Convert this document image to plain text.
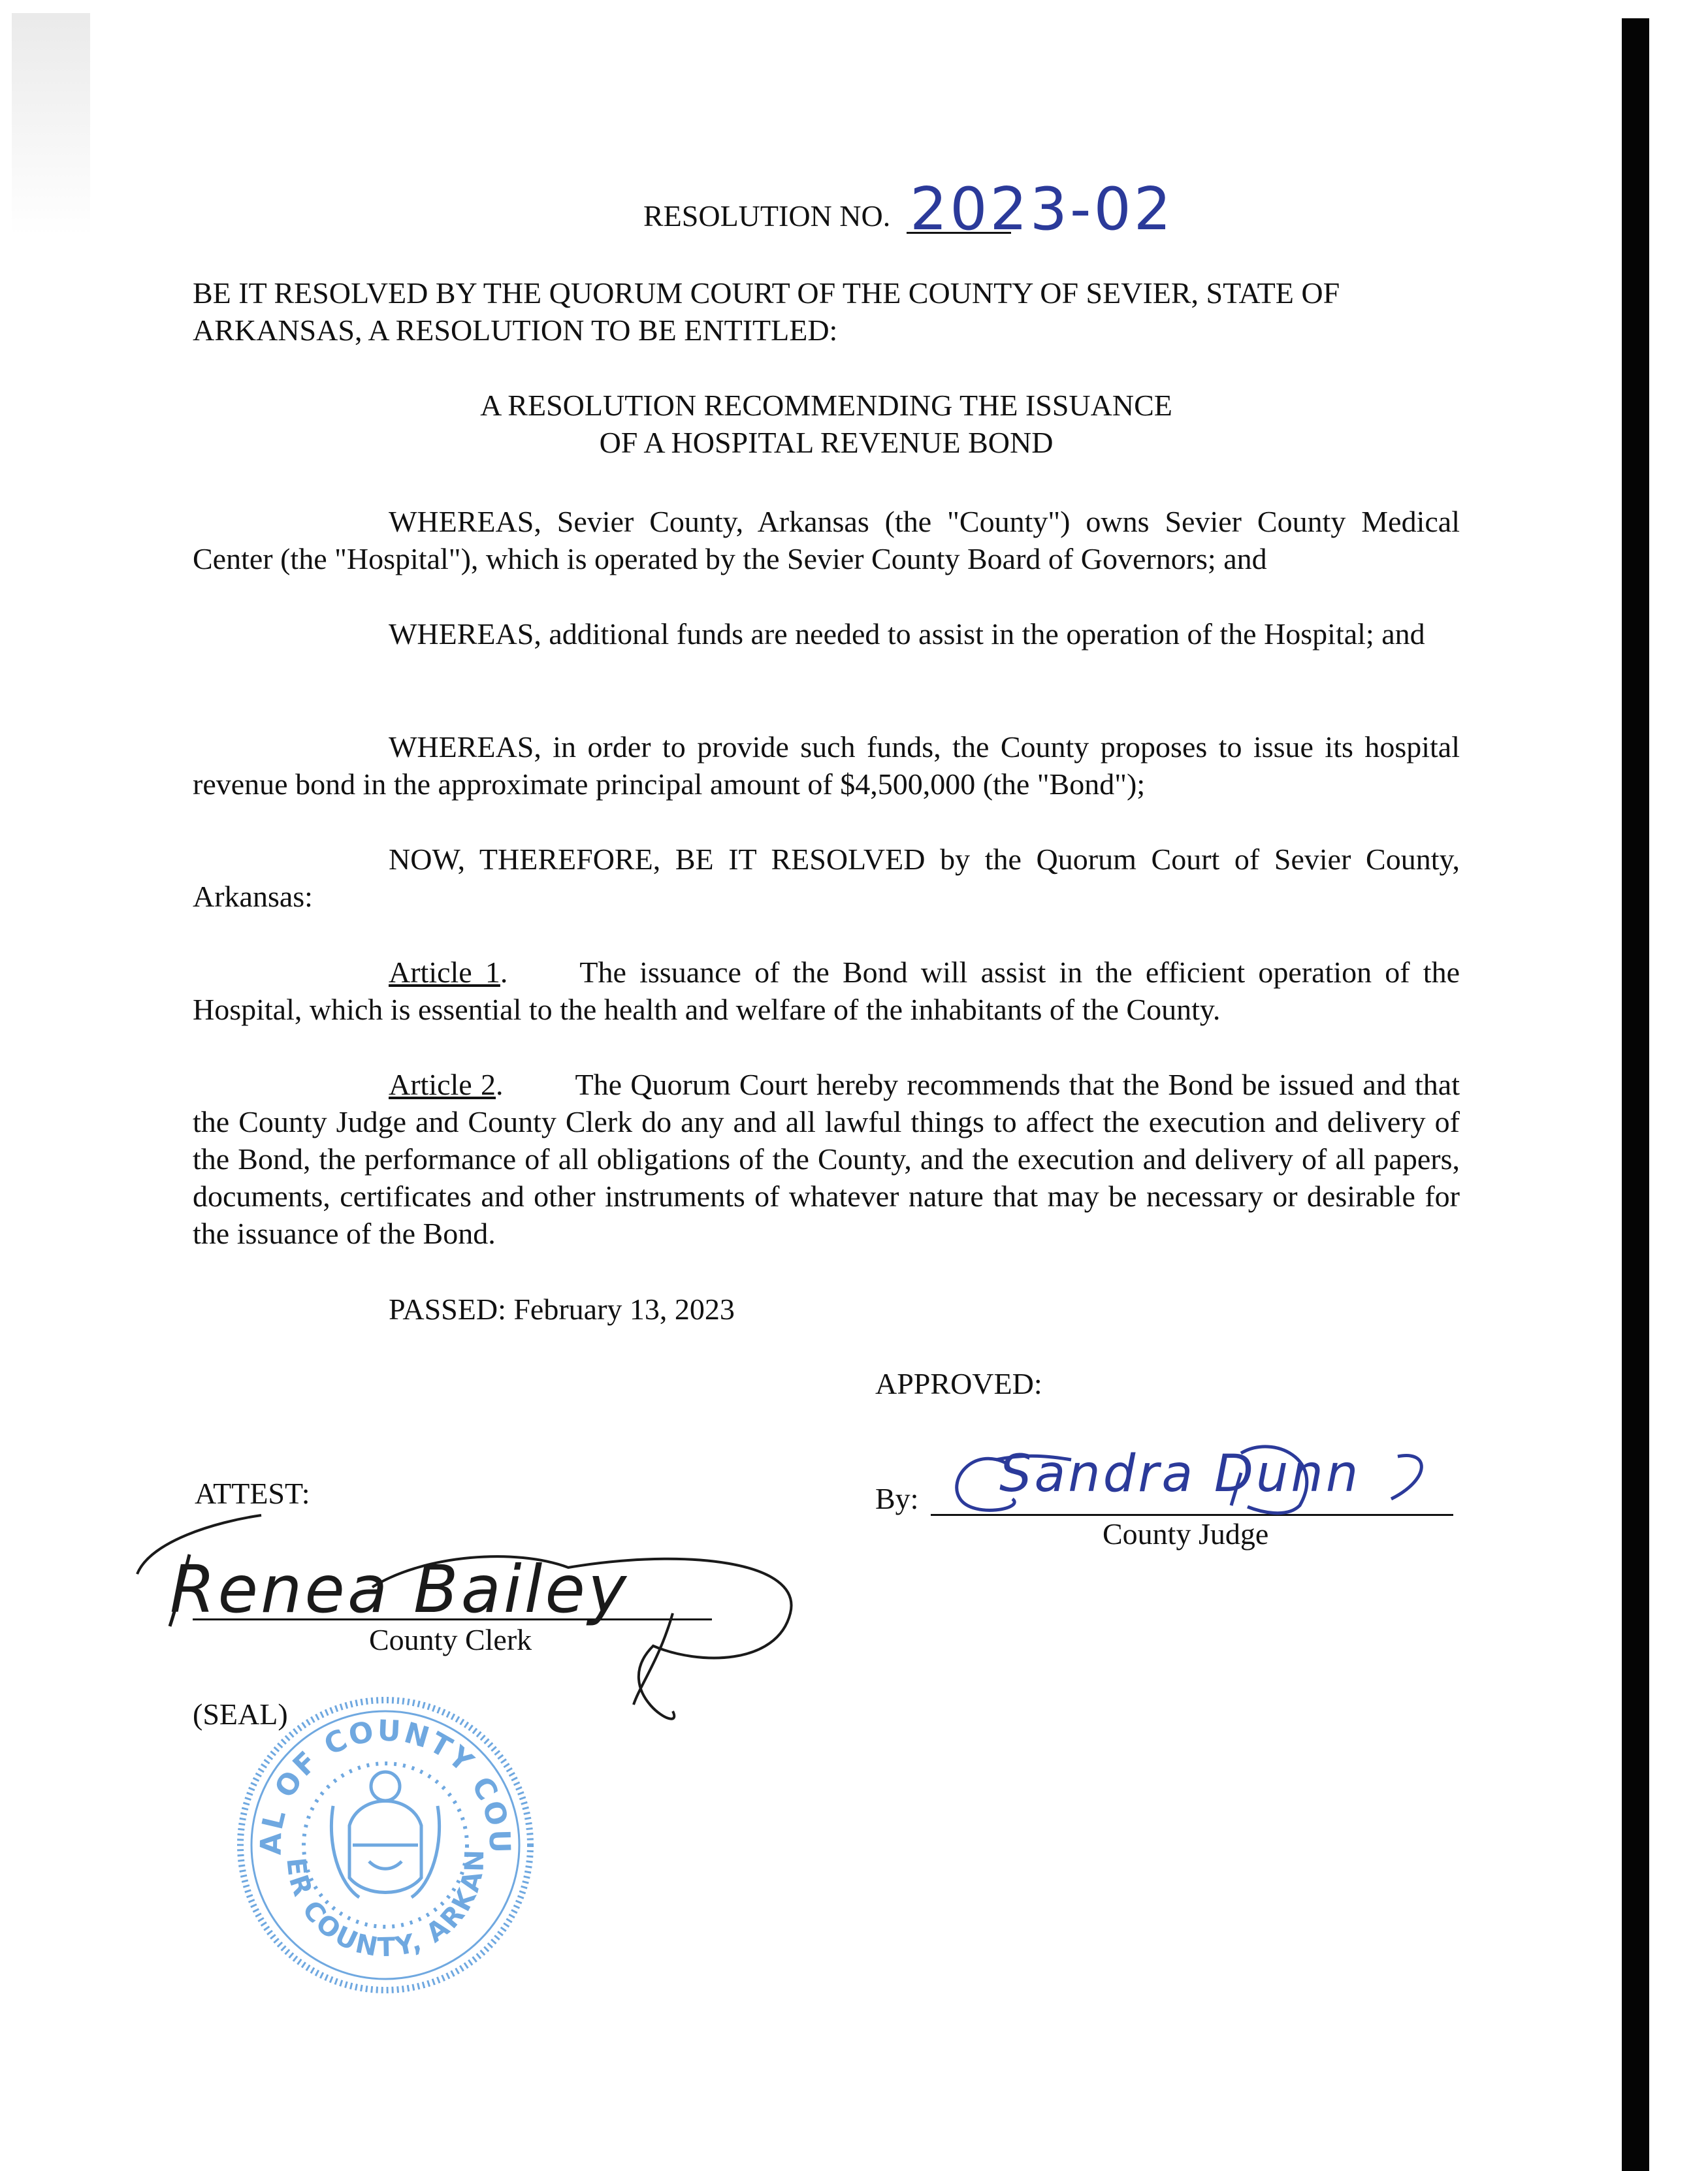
RESOLUTION NO. 2023-02
BE IT RESOLVED BY THE QUORUM COURT OF THE COUNTY OF SEVIER, STATE OF
ARKANSAS, A RESOLUTION TO BE ENTITLED:
A RESOLUTION RECOMMENDING THE ISSUANCE
OF A HOSPITAL REVENUE BOND
WHEREAS, Sevier County, Arkansas (the "County") owns Sevier County Medical Center (the "Hospital"), which is operated by the Sevier County Board of Governors; and
WHEREAS, additional funds are needed to assist in the operation of the Hospital; and
WHEREAS, in order to provide such funds, the County proposes to issue its hospital revenue bond in the approximate principal amount of $4,500,000 (the "Bond");
NOW, THEREFORE, BE IT RESOLVED by the Quorum Court of Sevier County, Arkansas:
Article 1. The issuance of the Bond will assist in the efficient operation of the Hospital, which is essential to the health and welfare of the inhabitants of the County.
Article 2. The Quorum Court hereby recommends that the Bond be issued and that the County Judge and County Clerk do any and all lawful things to affect the execution and delivery of the Bond, the performance of all obligations of the County, and the execution and delivery of all papers, documents, certificates and other instruments of whatever nature that may be necessary or desirable for the issuance of the Bond.
PASSED: February 13, 2023
APPROVED:
By: Sandra Dunn
County Judge
ATTEST:
Renea Bailey
County Clerk
(SEAL)
AL OF COUNTY COU
ER COUNTY, ARKAN
